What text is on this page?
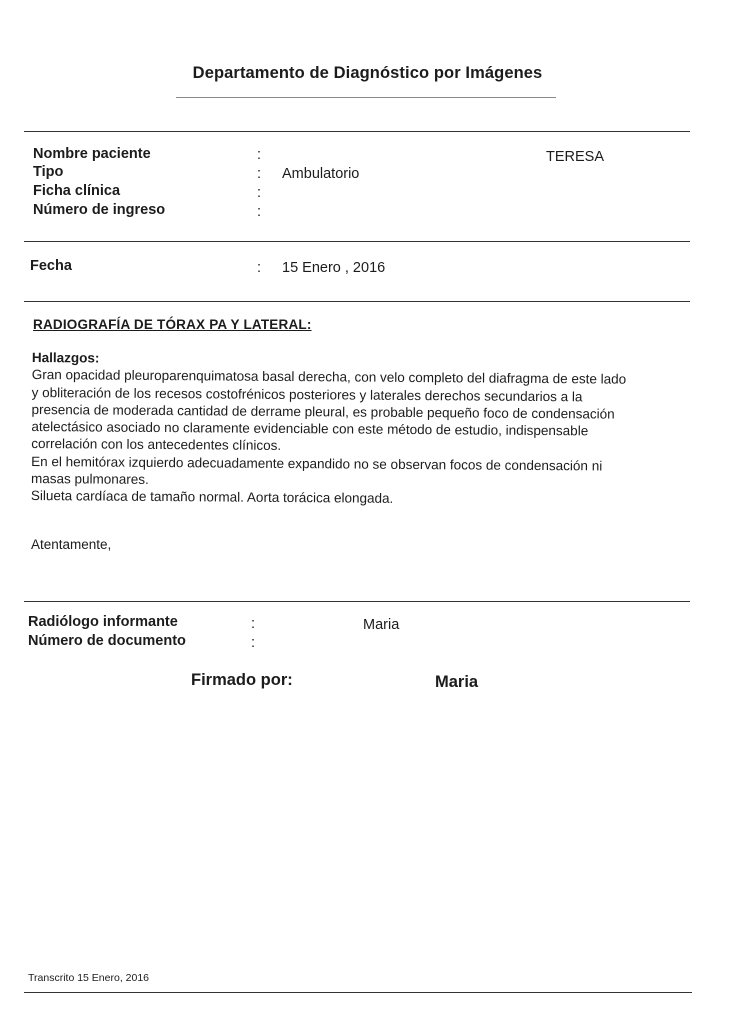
Departamento de Diagnóstico por Imágenes
Nombre paciente	:	TERESA
Tipo	: Ambulatorio
Ficha clínica	:
Número de ingreso	:
Fecha	: 15 Enero , 2016
RADIOGRAFÍA DE TÓRAX PA Y LATERAL:
Hallazgos:
Gran opacidad pleuroparenquimatosa basal derecha, con velo completo del diafragma de este lado
y obliteración de los recesos costofrénicos posteriores y laterales derechos secundarios a la
presencia de moderada cantidad de derrame pleural, es probable pequeño foco de condensación
atelectásico asociado no claramente evidenciable con este método de estudio, indispensable
correlación con los antecedentes clínicos.
En el hemitórax izquierdo adecuadamente expandido no se observan focos de condensación ni
masas pulmonares.
Silueta cardíaca de tamaño normal. Aorta torácica elongada.
Atentamente,
Radiólogo informante	:	Maria
Número de documento	:
Firmado por:	Maria
Transcrito 15 Enero, 2016
